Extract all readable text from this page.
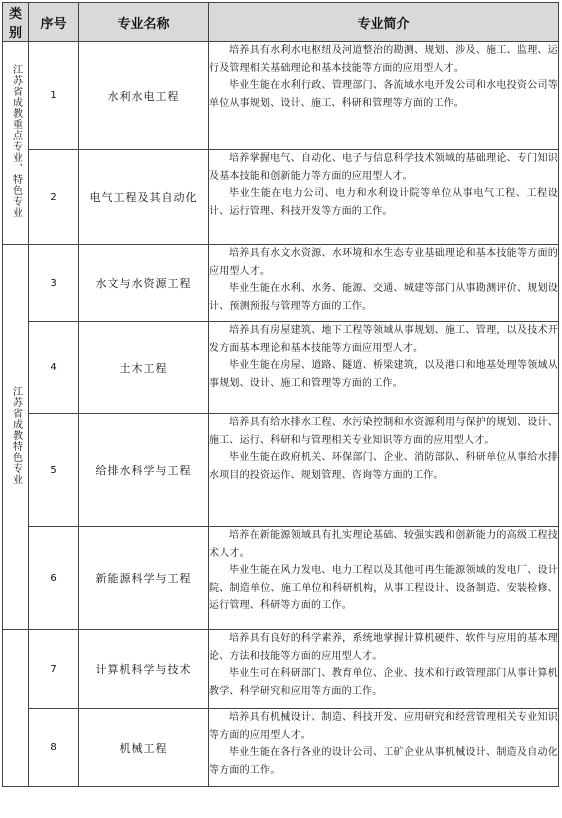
类别	序号	专业名称	专业简介
江苏省成教重点专业、特色专业	1	水利水电工程	培养具有水利水电枢纽及河道整治的勘测、规划、涉及、施工、监理、运行及管理相关基础理论和基本技能等方面的应用型人才。

毕业生能在水利行政、管理部门、各流域水电开发公司和水电投资公司等单位从事规划、设计、施工、科研和管理等方面的工作。

	2	电气工程及其自动化	培养掌握电气、自动化、电子与信息科学技术领域的基础理论、专门知识及基本技能和创新能力等方面的应用型人才。

毕业生能在电力公司、电力和水利设计院等单位从事电气工程、工程设计、运行管理、科技开发等方面的工作。

江苏省成教特色专业	3	水文与水资源工程	培养具有水文水资源、水环境和水生态专业基础理论和基本技能等方面的应用型人才。

毕业生能在水利、水务、能源、交通、城建等部门从事勘测评价、规划设计、预测预报与管理等方面的工作。

	4	土木工程	培养具有房屋建筑、地下工程等领域从事规划、施工、管理，以及技术开发方面基本理论和基本技能等方面应用型人才。

毕业生能在房屋、道路、隧道、桥梁建筑，以及港口和地基处理等领域从事规划、设计、施工和管理等方面的工作。

	5	给排水科学与工程	培养具有给水排水工程、水污染控制和水资源利用与保护的规划、设计、施工、运行、科研和与管理相关专业知识等方面的应用型人才。

毕业生能在政府机关、环保部门、企业、消防部队、科研单位从事给水排水项目的投资运作、规划管理、咨询等方面的工作。

	6	新能源科学与工程	培养在新能源领域具有扎实理论基础、较强实践和创新能力的高级工程技术人才。

毕业生能在风力发电、电力工程以及其他可再生能源领域的发电厂、设计院、制造单位、施工单位和科研机构，从事工程设计、设备制造、安装检修、运行管理、科研等方面的工作。

	7	计算机科学与技术	培养具有良好的科学素养，系统地掌握计算机硬件、软件与应用的基本理论、方法和技能等方面的应用型人才。

毕业生可在科研部门、教育单位、企业、技术和行政管理部门从事计算机教学、科学研究和应用等方面的工作。

	8	机械工程	培养具有机械设计、制造、科技开发、应用研究和经营管理相关专业知识等方面的应用型人才。

毕业生能在各行各业的设计公司、工矿企业从事机械设计、制造及自动化等方面的工作。
